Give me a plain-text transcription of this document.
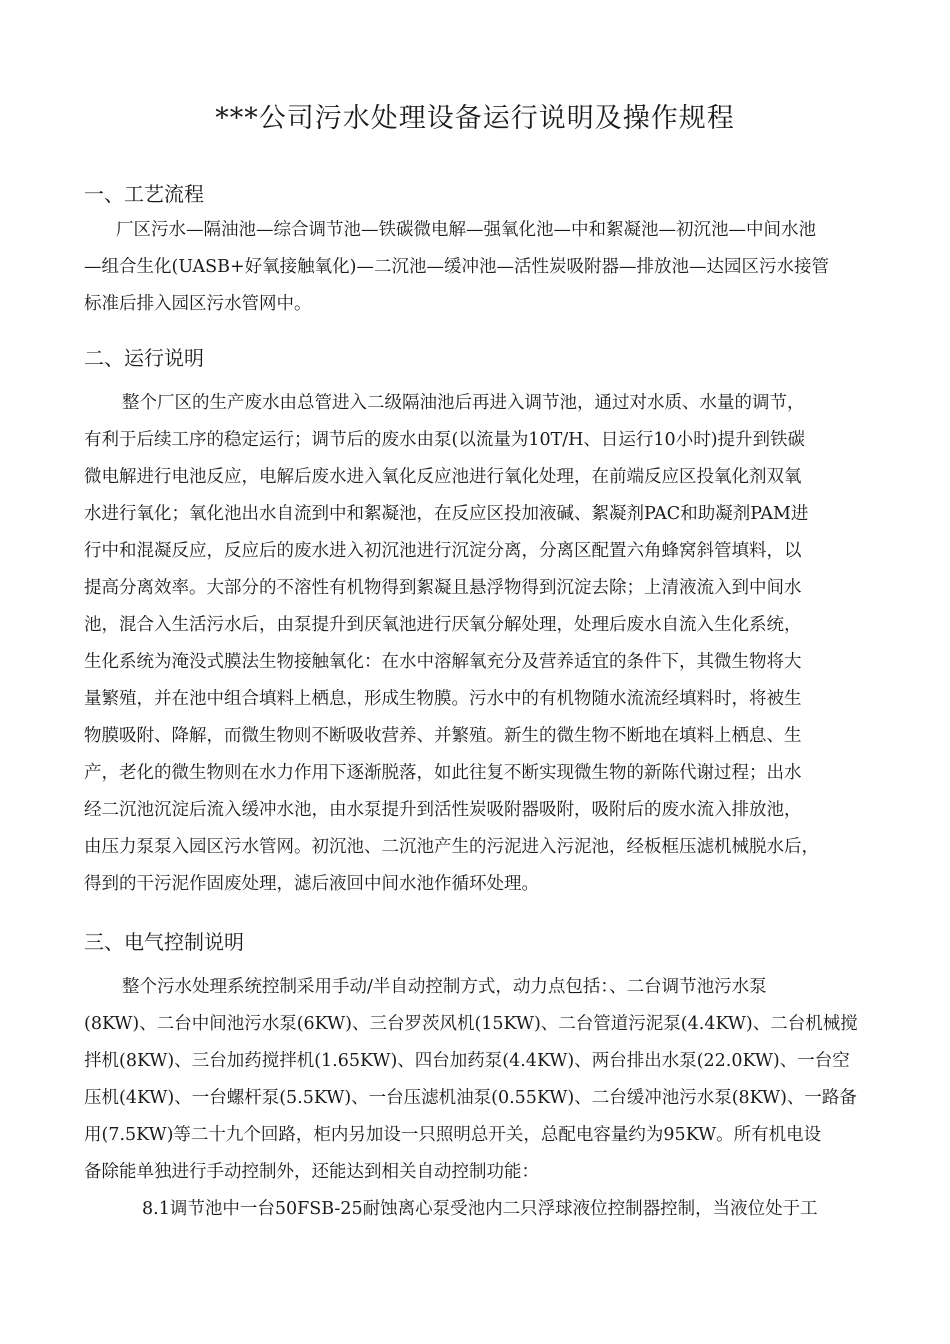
***公司污水处理设备运行说明及操作规程
一、工艺流程
厂区污水—隔油池—综合调节池—铁碳微电解—强氧化池—中和絮凝池—初沉池—中间水池
—组合生化(UASB+好氧接触氧化)—二沉池—缓冲池—活性炭吸附器—排放池—达园区污水接管
标准后排入园区污水管网中。
二、运行说明
整个厂区的生产废水由总管进入二级隔油池后再进入调节池，通过对水质、水量的调节，
有利于后续工序的稳定运行；调节后的废水由泵(以流量为10T/H、日运行10小时)提升到铁碳
微电解进行电池反应，电解后废水进入氧化反应池进行氧化处理，在前端反应区投氧化剂双氧
水进行氧化；氧化池出水自流到中和絮凝池，在反应区投加液碱、絮凝剂PAC和助凝剂PAM进
行中和混凝反应，反应后的废水进入初沉池进行沉淀分离，分离区配置六角蜂窝斜管填料，以
提高分离效率。大部分的不溶性有机物得到絮凝且悬浮物得到沉淀去除；上清液流入到中间水
池，混合入生活污水后，由泵提升到厌氧池进行厌氧分解处理，处理后废水自流入生化系统，
生化系统为淹没式膜法生物接触氧化：在水中溶解氧充分及营养适宜的条件下，其微生物将大
量繁殖，并在池中组合填料上栖息，形成生物膜。污水中的有机物随水流流经填料时，将被生
物膜吸附、降解，而微生物则不断吸收营养、并繁殖。新生的微生物不断地在填料上栖息、生
产，老化的微生物则在水力作用下逐渐脱落，如此往复不断实现微生物的新陈代谢过程；出水
经二沉池沉淀后流入缓冲水池，由水泵提升到活性炭吸附器吸附，吸附后的废水流入排放池，
由压力泵泵入园区污水管网。初沉池、二沉池产生的污泥进入污泥池，经板框压滤机械脱水后，
得到的干污泥作固废处理，滤后液回中间水池作循环处理。
三、电气控制说明
整个污水处理系统控制采用手动/半自动控制方式，动力点包括：、二台调节池污水泵
(8KW)、二台中间池污水泵(6KW)、三台罗茨风机(15KW)、二台管道污泥泵(4.4KW)、二台机械搅
拌机(8KW)、三台加药搅拌机(1.65KW)、四台加药泵(4.4KW)、两台排出水泵(22.0KW)、一台空
压机(4KW)、一台螺杆泵(5.5KW)、一台压滤机油泵(0.55KW)、二台缓冲池污水泵(8KW)、一路备
用(7.5KW)等二十九个回路，柜内另加设一只照明总开关，总配电容量约为95KW。所有机电设
备除能单独进行手动控制外，还能达到相关自动控制功能：
8.1调节池中一台50FSB-25耐蚀离心泵受池内二只浮球液位控制器控制，当液位处于工
